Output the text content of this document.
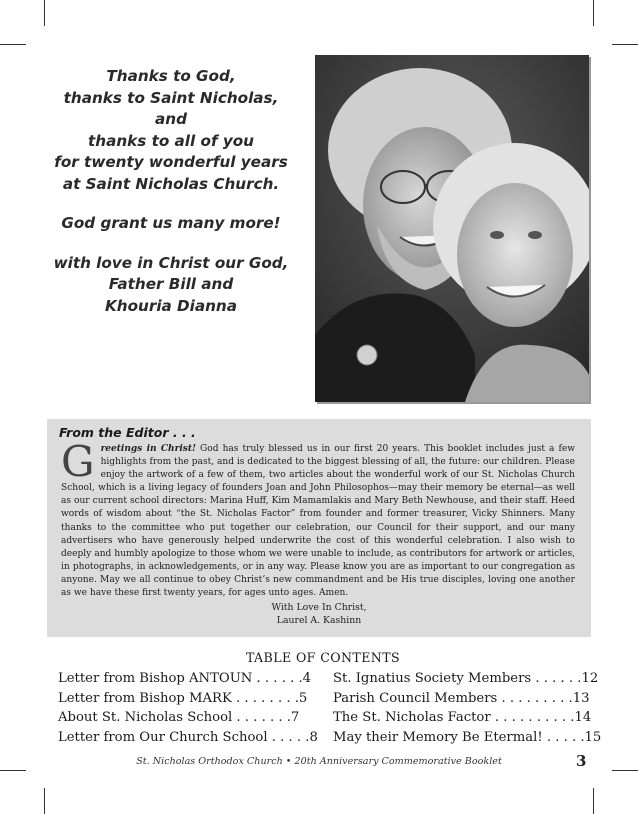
Thanks to God,
thanks to Saint Nicholas,
and
thanks to all of you
for twenty wonderful years
at Saint Nicholas Church.
God grant us many more!
with love in Christ our God,
Father Bill and
Khouria Dianna
From the Editor . . .
G reetings in Christ! God has truly blessed us in our first 20 years. This booklet includes just a few highlights from the past, and is dedicated to the biggest blessing of all, the future: our children. Please enjoy the artwork of a few of them, two articles about the wonderful work of our St. Nicholas Church School, which is a living legacy of founders Joan and John Philosophos—may their memory be eternal—as well as our current school directors: Marina Huff, Kim Mamamlakis and Mary Beth Newhouse, and their staff. Heed words of wisdom about “the St. Nicholas Factor” from founder and former treasurer, Vicky Shinners. Many thanks to the committee who put together our celebration, our Council for their support, and our many advertisers who have generously helped underwrite the cost of this wonderful celebration. I also wish to deeply and humbly apologize to those whom we were unable to include, as contributors for artwork or articles, in photographs, in acknowledgements, or in any way. Please know you are as important to our congregation as anyone. May we all continue to obey Christ’s new commandment and be His true disciples, loving one another as we have these first twenty years, for ages unto ages. Amen.
With Love In Christ,
Laurel A. Kashinn
TABLE OF CONTENTS
Letter from Bishop ANTOUN . . . . . . 4
Letter from Bishop MARK . . . . . . . . 5
About St. Nicholas School . . . . . . . 7
Letter from Our Church School . . . . . 8
St. Ignatius Society Members . . . . . . 12
Parish Council Members . . . . . . . . . 13
The St. Nicholas Factor . . . . . . . . . . 14
May their Memory Be Etermal! . . . . . 15
St. Nicholas Orthodox Church • 20th Anniversary Commemorative Booklet	3
